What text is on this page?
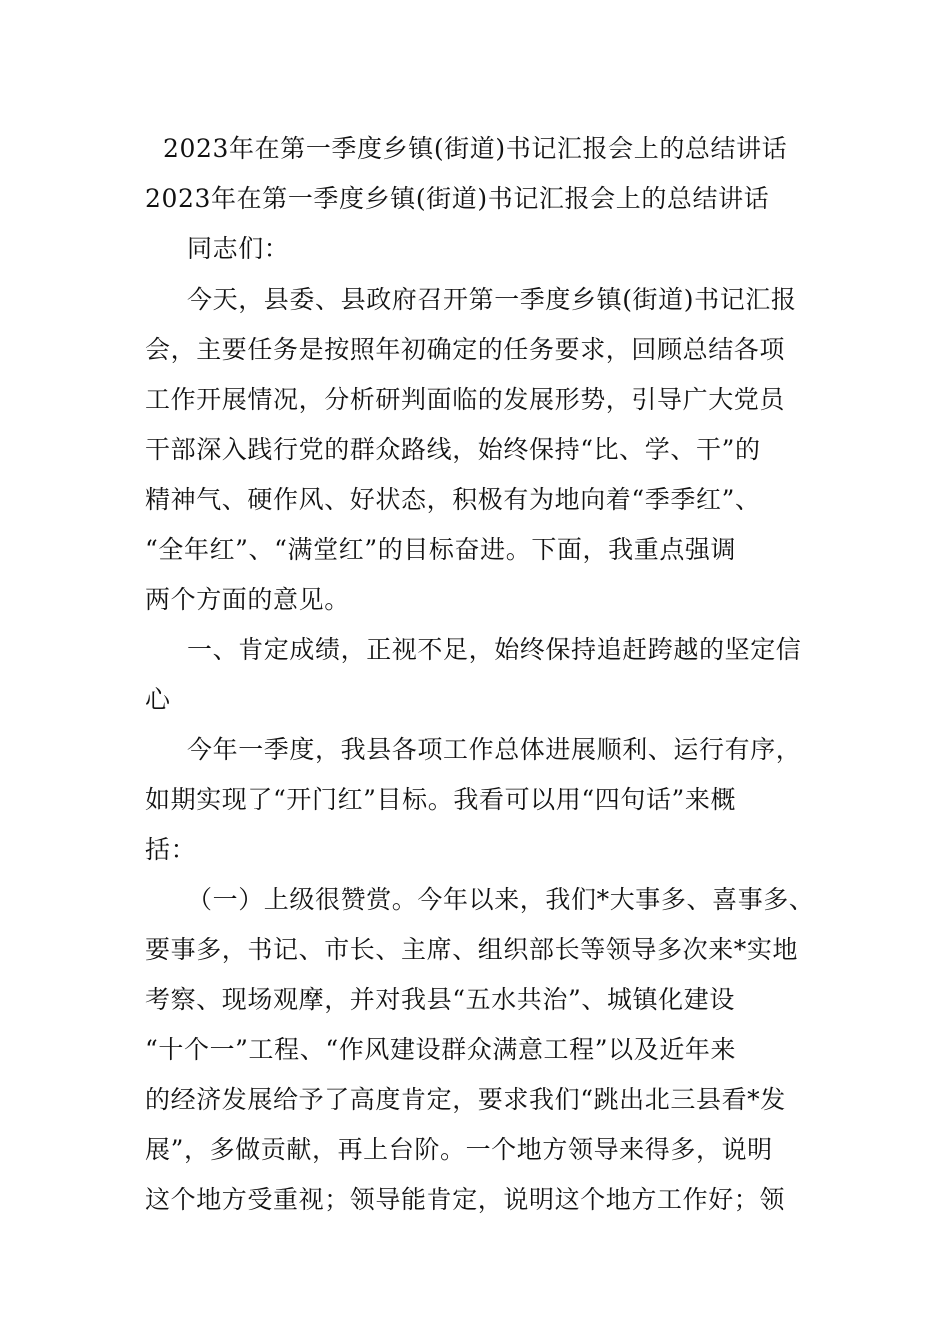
2023年在第一季度乡镇(街道)书记汇报会上的总结讲话
2023年在第一季度乡镇(街道)书记汇报会上的总结讲话
同志们：
今天，县委、县政府召开第一季度乡镇(街道)书记汇报
会，主要任务是按照年初确定的任务要求，回顾总结各项
工作开展情况，分析研判面临的发展形势，引导广大党员
干部深入践行党的群众路线，始终保持“比、学、干”的
精神气、硬作风、好状态，积极有为地向着“季季红”、
“全年红”、“满堂红”的目标奋进。下面，我重点强调
两个方面的意见。
一、肯定成绩，正视不足，始终保持追赶跨越的坚定信
心
今年一季度，我县各项工作总体进展顺利、运行有序，
如期实现了“开门红”目标。我看可以用“四句话”来概
括：
（一）上级很赞赏。今年以来，我们*大事多、喜事多、
要事多，书记、市长、主席、组织部长等领导多次来*实地
考察、现场观摩，并对我县“五水共治”、城镇化建设
“十个一”工程、“作风建设群众满意工程”以及近年来
的经济发展给予了高度肯定，要求我们“跳出北三县看*发
展”，多做贡献，再上台阶。一个地方领导来得多，说明
这个地方受重视；领导能肯定，说明这个地方工作好；领
